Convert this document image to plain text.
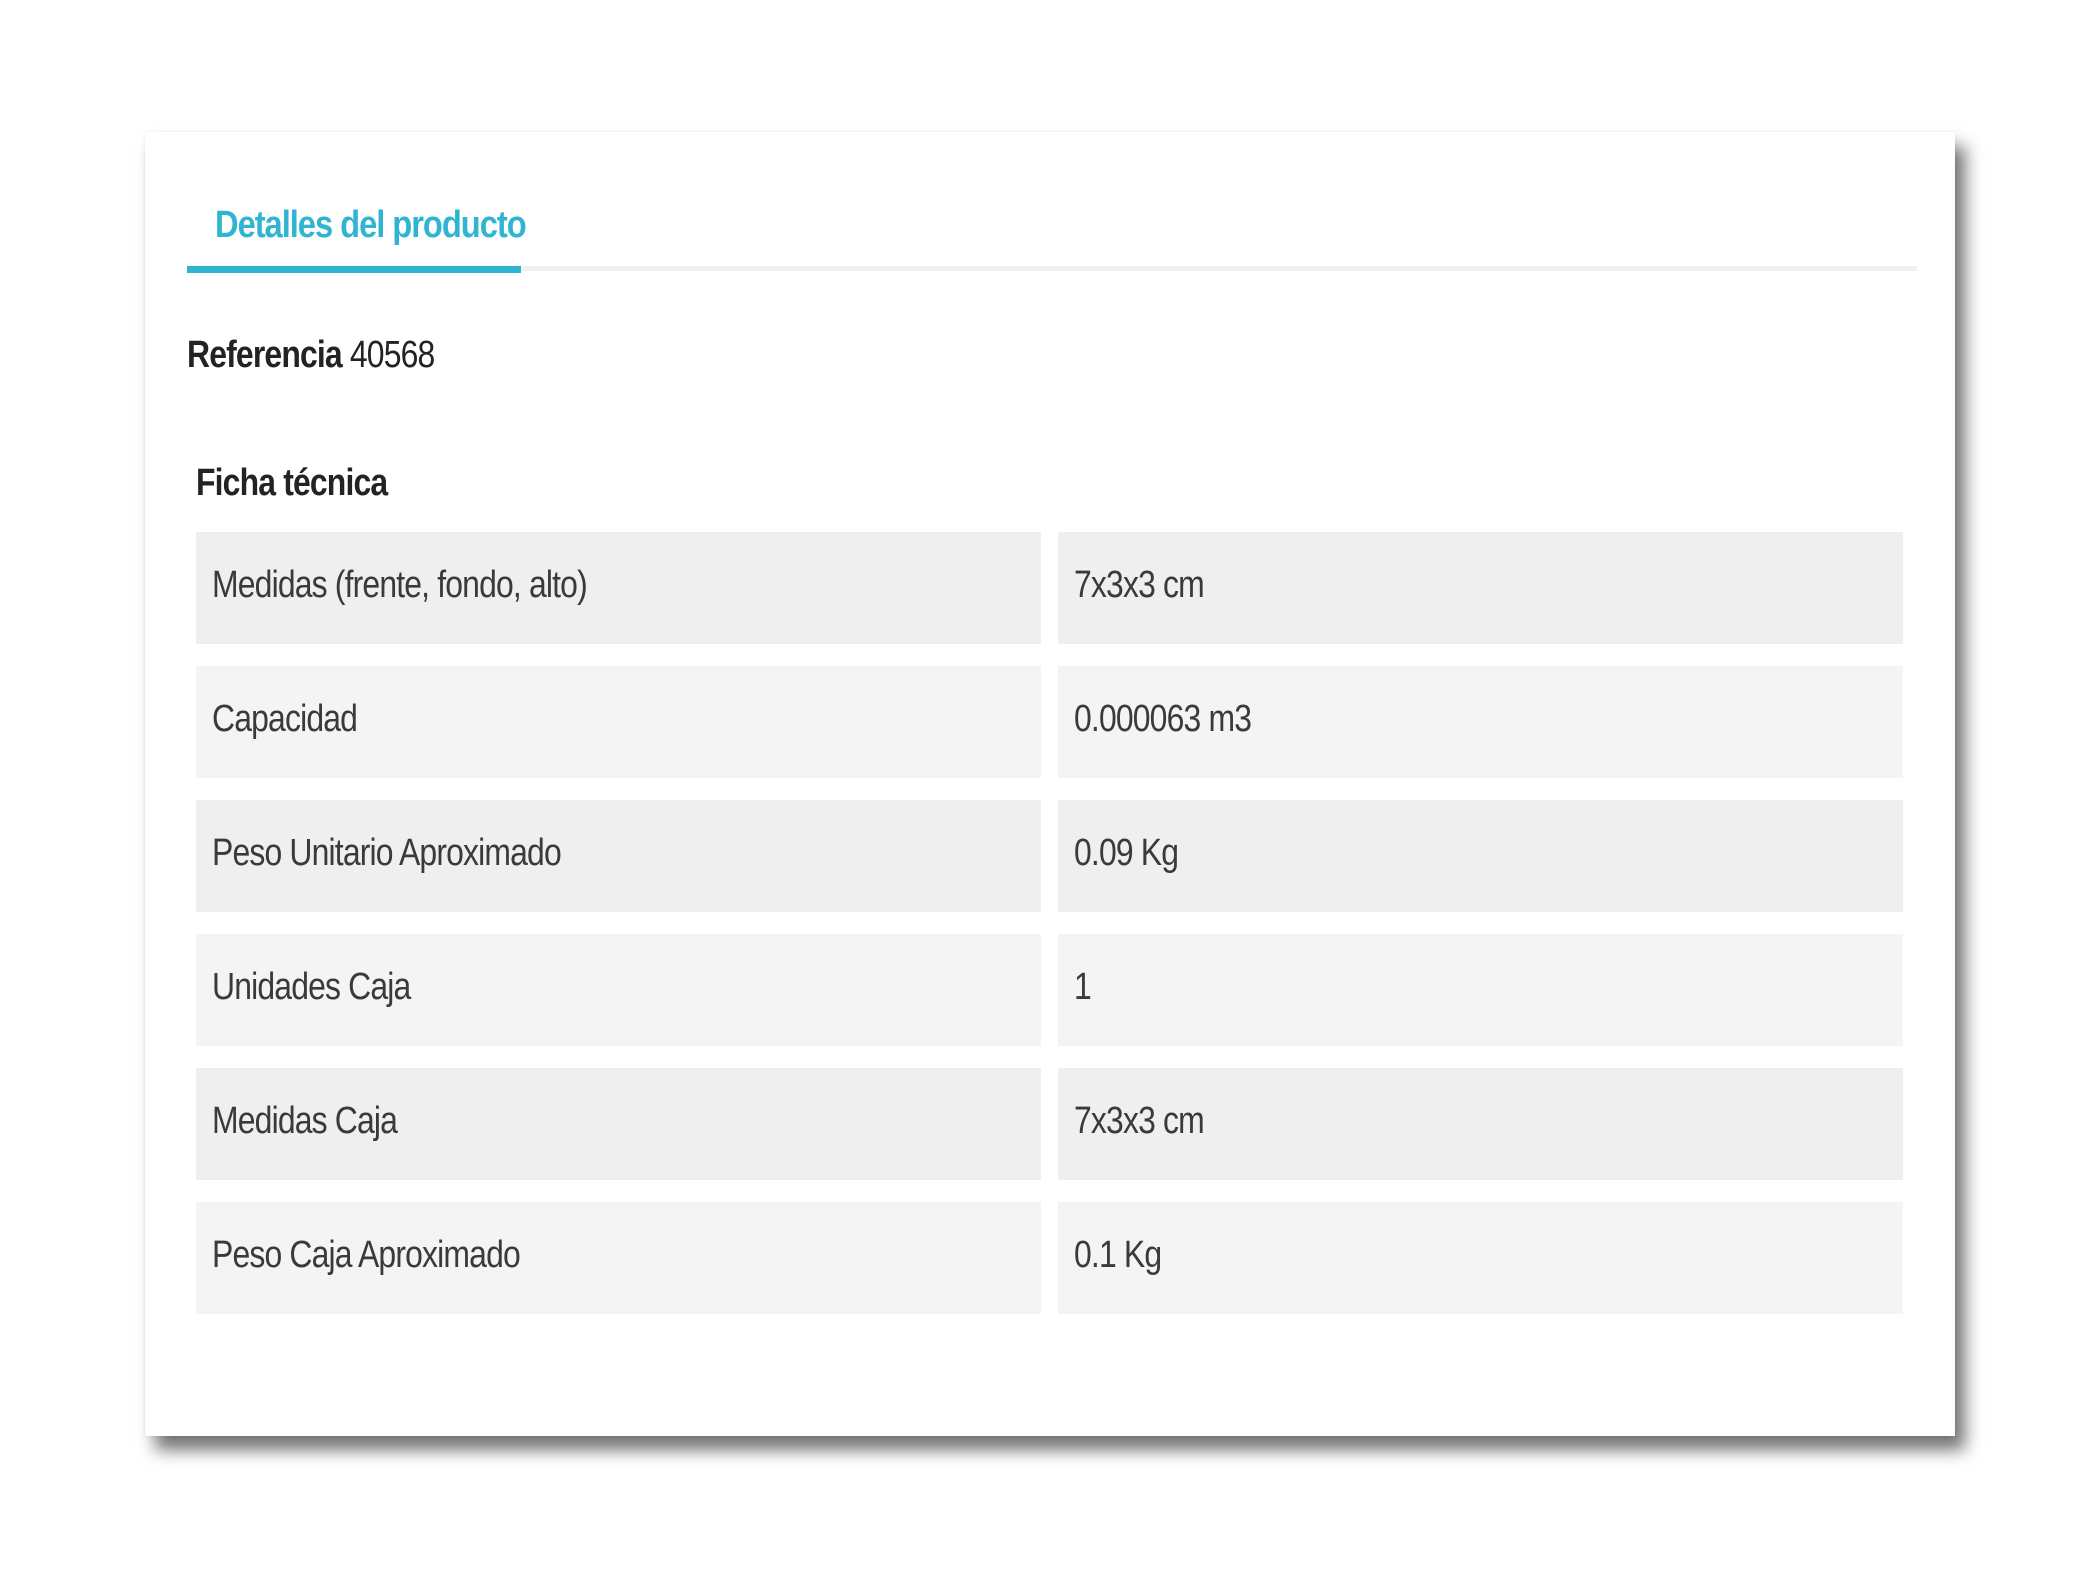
Detalles del producto
Referencia 40568
Ficha técnica
Medidas (frente, fondo, alto)	7x3x3 cm
Capacidad	0.000063 m3
Peso Unitario Aproximado	0.09 Kg
Unidades Caja	1
Medidas Caja	7x3x3 cm
Peso Caja Aproximado	0.1 Kg
